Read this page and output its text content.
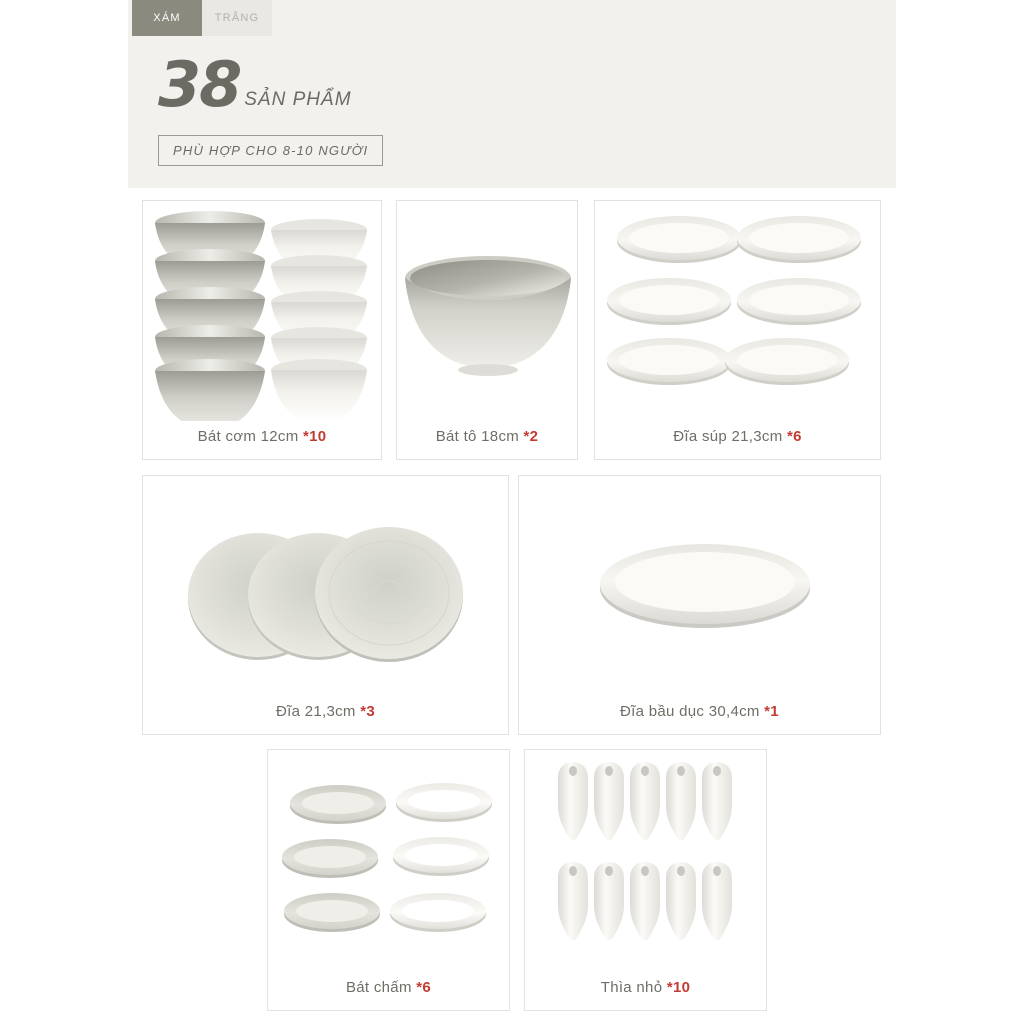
XÁM	TRẮNG
38 SẢN PHẨM
PHÙ HỢP CHO 8-10 NGƯỜI
Bát cơm 12cm *10	Bát tô 18cm *2	Đĩa súp 21,3cm *6
Đĩa 21,3cm *3	Đĩa bầu dục 30,4cm *1
Bát chấm *6	Thìa nhỏ *10
